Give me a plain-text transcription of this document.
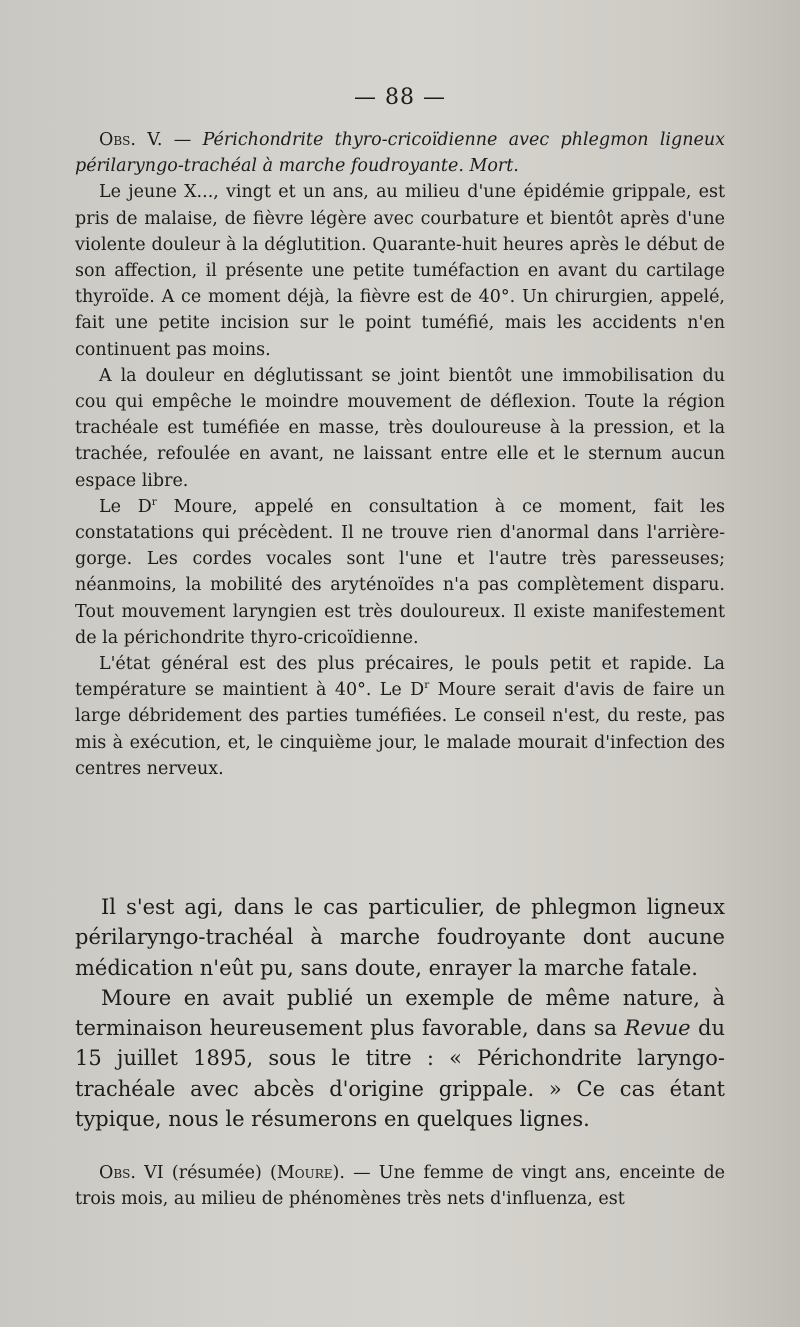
— 88 —

Obs. V. — Périchondrite thyro-cricoïdienne avec phlegmon ligneux périlaryngo-trachéal à marche foudroyante. Mort.

Le jeune X..., vingt et un ans, au milieu d'une épidémie grippale, est pris de malaise, de fièvre légère avec courbature et bientôt après d'une violente douleur à la déglutition. Quarante-huit heures après le début de son affection, il présente une petite tuméfaction en avant du cartilage thyroïde. A ce moment déjà, la fièvre est de 40°. Un chirurgien, appelé, fait une petite incision sur le point tuméfié, mais les accidents n'en continuent pas moins.

A la douleur en déglutissant se joint bientôt une immobilisation du cou qui empêche le moindre mouvement de déflexion. Toute la région trachéale est tuméfiée en masse, très douloureuse à la pression, et la trachée, refoulée en avant, ne laissant entre elle et le sternum aucun espace libre.

Le $D^r$ Moure, appelé en consultation à ce moment, fait les constatations qui précèdent. Il ne trouve rien d'anormal dans l'arrière-gorge. Les cordes vocales sont l'une et l'autre très paresseuses; néanmoins, la mobilité des aryténoïdes n'a pas complètement disparu. Tout mouvement laryngien est très douloureux. Il existe manifestement de la périchondrite thyro-cricoïdienne.

L'état général est des plus précaires, le pouls petit et rapide. La température se maintient à 40°. Le $D^r$ Moure serait d'avis de faire un large débridement des parties tuméfiées. Le conseil n'est, du reste, pas mis à exécution, et, le cinquième jour, le malade mourait d'infection des centres nerveux.

Il s'est agi, dans le cas particulier, de phlegmon ligneux périlaryngo-trachéal à marche foudroyante dont aucune médication n'eût pu, sans doute, enrayer la marche fatale.

Moure en avait publié un exemple de même nature, à terminaison heureusement plus favorable, dans sa Revue du 15 juillet 1895, sous le titre : « Périchondrite laryngo-trachéale avec abcès d'origine grippale. » Ce cas étant typique, nous le résumerons en quelques lignes.

Obs. VI (résumée) (Moure). — Une femme de vingt ans, enceinte de trois mois, au milieu de phénomènes très nets d'influenza, est
